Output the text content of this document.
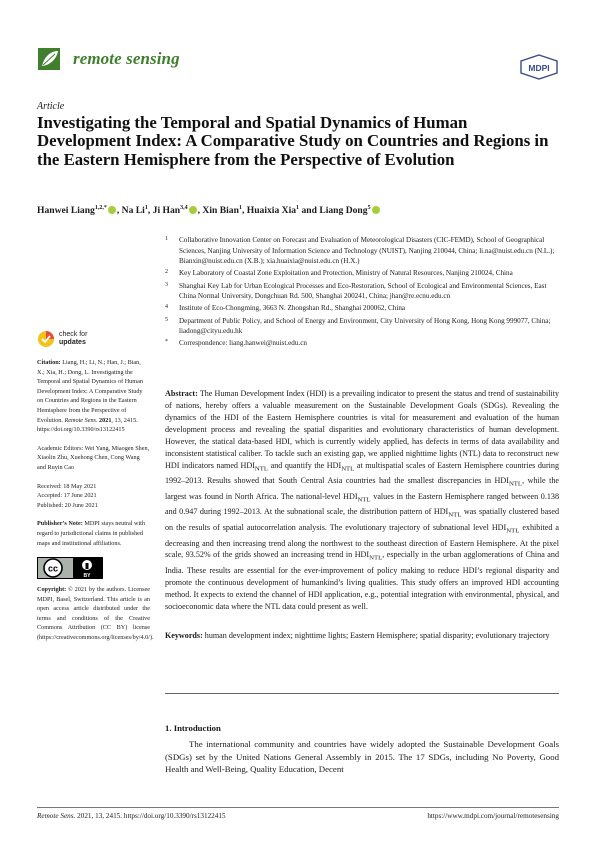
remote sensing	MDPI
Article
Investigating the Temporal and Spatial Dynamics of Human Development Index: A Comparative Study on Countries and Regions in the Eastern Hemisphere from the Perspective of Evolution
Hanwei Liang$^{1,2,*}$ , Na Li$^1$, Ji Han$^{3,4}$ , Xin Bian$^1$, Huaixia Xia$^1$ and Liang Dong$^5$
1	Collaborative Innovation Center on Forecast and Evaluation of Meteorological Disasters (CIC-FEMD), School of Geographical Sciences, Nanjing University of Information Science and Technology (NUIST), Nanjing 210044, China; li.na@nuist.edu.cn (N.L.); Bianxin@nuist.edu.cn (X.B.); xia.huaixia@nuist.edu.cn (H.X.)
2	Key Laboratory of Coastal Zone Exploitation and Protection, Ministry of Natural Resources, Nanjing 210024, China
3	Shanghai Key Lab for Urban Ecological Processes and Eco-Restoration, School of Ecological and Environmental Sciences, East China Normal University, Dongchuan Rd. 500, Shanghai 200241, China; jhan@re.ecnu.edu.cn
4	Institute of Eco-Chongming, 3663 N. Zhongshan Rd., Shanghai 200062, China
5	Department of Public Policy, and School of Energy and Environment, City University of Hong Kong, Hong Kong 999077, China; liadong@cityu.edu.hk
*	Correspondence: liang.hanwei@nuist.edu.cn
check for
updates
Citation: Liang, H.; Li, N.; Han, J.; Bian, X.; Xia, H.; Dong, L. Investigating the Temporal and Spatial Dynamics of Human Development Index: A Comparative Study on Countries and Regions in the Eastern Hemisphere from the Perspective of Evolution. Remote Sens. 2021, 13, 2415. https://doi.org/10.3390/rs13122415
Academic Editors: Wei Yang, Miaogen Shen, Xiaolin Zhu, Xuehong Chen, Cong Wang and Ruyin Cao
Received: 18 May 2021
Accepted: 17 June 2021
Published: 20 June 2021
Publisher’s Note: MDPI stays neutral with regard to jurisdictional claims in published maps and institutional affiliations.
cc
BY
Copyright: © 2021 by the authors. Licensee MDPI, Basel, Switzerland. This article is an open access article distributed under the terms and conditions of the Creative Commons Attribution (CC BY) license (https://creativecommons.org/licenses/by/4.0/).
Abstract: The Human Development Index (HDI) is a prevailing indicator to present the status and trend of sustainability of nations, hereby offers a valuable measurement on the Sustainable Development Goals (SDGs). Revealing the dynamics of the HDI of the Eastern Hemisphere countries is vital for measurement and evaluation of the human development process and revealing the spatial disparities and evolutionary characteristics of human development. However, the statical data-based HDI, which is currently widely applied, has defects in terms of data availability and inconsistent statistical caliber. To tackle such an existing gap, we applied nighttime lights (NTL) data to reconstruct new HDI indicators named $HDI_{NTL}$ and quantify the $HDI_{NTL}$ at multispatial scales of Eastern Hemisphere countries during 1992–2013. Results showed that South Central Asia countries had the smallest discrepancies in $HDI_{NTL}$, while the largest was found in North Africa. The national-level $HDI_{NTL}$ values in the Eastern Hemisphere ranged between 0.138 and 0.947 during 1992–2013. At the subnational scale, the distribution pattern of $HDI_{NTL}$ was spatially clustered based on the results of spatial autocorrelation analysis. The evolutionary trajectory of subnational level $HDI_{NTL}$ exhibited a decreasing and then increasing trend along the northwest to the southeast direction of Eastern Hemisphere. At the pixel scale, 93.52% of the grids showed an increasing trend in $HDI_{NTL}$, especially in the urban agglomerations of China and India. These results are essential for the ever-improvement of policy making to reduce HDI’s regional disparity and promote the continuous development of humankind’s living qualities. This study offers an improved HDI accounting method. It expects to extend the channel of HDI application, e.g., potential integration with environmental, physical, and socioeconomic data where the NTL data could present as well.
Keywords: human development index; nighttime lights; Eastern Hemisphere; spatial disparity; evolutionary trajectory
1. Introduction
The international community and countries have widely adopted the Sustainable Development Goals (SDGs) set by the United Nations General Assembly in 2015. The 17 SDGs, including No Poverty, Good Health and Well-Being, Quality Education, Decent
Remote Sens. 2021, 13, 2415. https://doi.org/10.3390/rs13122415	https://www.mdpi.com/journal/remotesensing
